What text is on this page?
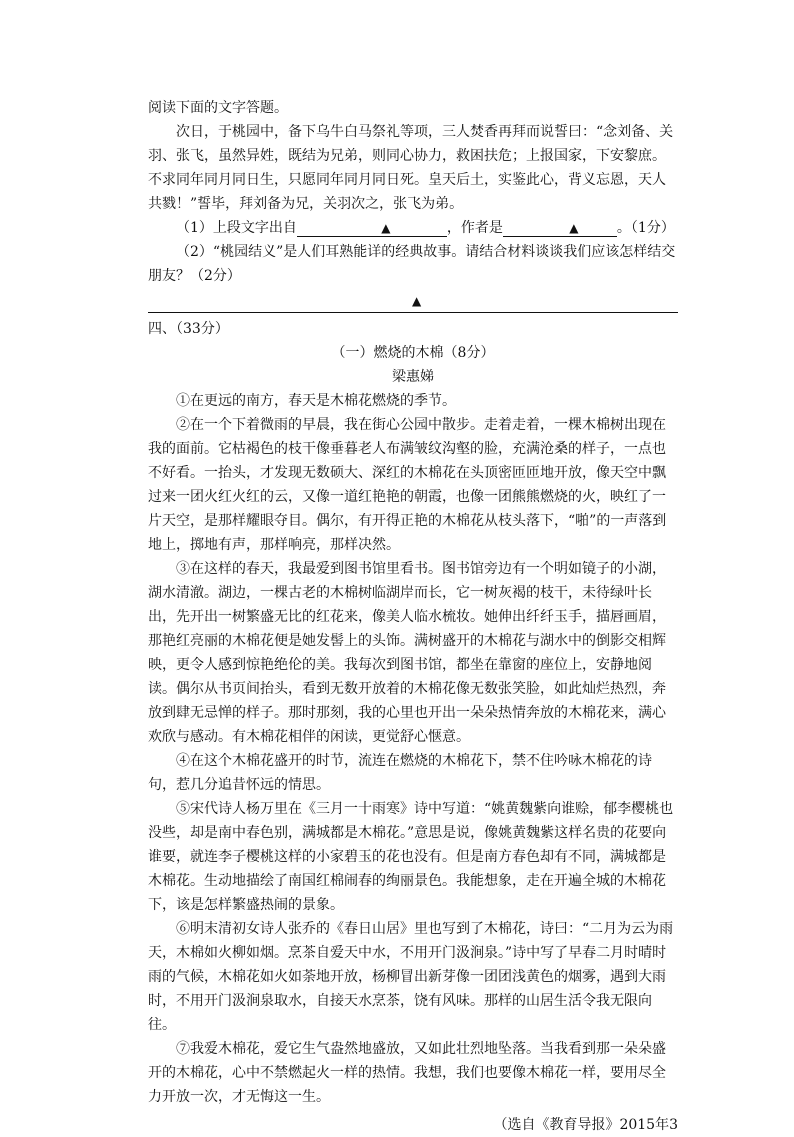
阅读下面的文字答题。

次日，于桃园中，备下乌牛白马祭礼等项，三人焚香再拜而说誓曰：“念刘备、关羽、张飞，虽然异姓，既结为兄弟，则同心协力，救困扶危；上报国家，下安黎庶。不求同年同月同日生，只愿同年同月同日死。皇天后土，实鉴此心，背义忘恩，天人共戮！”誓毕，拜刘备为兄，关羽次之，张飞为弟。

（1）上段文字出自	▲	，作者是	▲	。（1分）

（2）“桃园结义”是人们耳熟能详的经典故事。请结合材料谈谈我们应该怎样结交朋友？（2分）

▲

四、（33分）

（一）燃烧的木棉（8分）

梁惠娣

①在更远的南方，春天是木棉花燃烧的季节。

②在一个下着微雨的早晨，我在街心公园中散步。走着走着，一棵木棉树出现在我的面前。它枯褐色的枝干像垂暮老人布满皱纹沟壑的脸，充满沧桑的样子，一点也不好看。一抬头，才发现无数硕大、深红的木棉花在头顶密匝匝地开放，像天空中飘过来一团火红火红的云，又像一道红艳艳的朝霞，也像一团熊熊燃烧的火，映红了一片天空，是那样耀眼夺目。偶尔，有开得正艳的木棉花从枝头落下，“啪”的一声落到地上，掷地有声，那样响亮，那样决然。

③在这样的春天，我最爱到图书馆里看书。图书馆旁边有一个明如镜子的小湖，湖水清澈。湖边，一棵古老的木棉树临湖岸而长，它一树灰褐的枝干，未待绿叶长出，先开出一树繁盛无比的红花来，像美人临水梳妆。她伸出纤纤玉手，描唇画眉，那艳红亮丽的木棉花便是她发髻上的头饰。满树盛开的木棉花与湖水中的倒影交相辉映，更令人感到惊艳绝伦的美。我每次到图书馆，都坐在靠窗的座位上，安静地阅读。偶尔从书页间抬头，看到无数开放着的木棉花像无数张笑脸，如此灿烂热烈，奔放到肆无忌惮的样子。那时那刻，我的心里也开出一朵朵热情奔放的木棉花来，满心欢欣与感动。有木棉花相伴的闲读，更觉舒心惬意。

④在这个木棉花盛开的时节，流连在燃烧的木棉花下，禁不住吟咏木棉花的诗句，惹几分追昔怀远的情思。

⑤宋代诗人杨万里在《三月一十雨寒》诗中写道：“姚黄魏紫向谁赊，郁李樱桃也没些，却是南中春色别，满城都是木棉花。”意思是说，像姚黄魏紫这样名贵的花要向谁要，就连李子樱桃这样的小家碧玉的花也没有。但是南方春色却有不同，满城都是木棉花。生动地描绘了南国红棉闹春的绚丽景色。我能想象，走在开遍全城的木棉花下，该是怎样繁盛热闹的景象。

⑥明末清初女诗人张乔的《春日山居》里也写到了木棉花，诗曰：“二月为云为雨天，木棉如火柳如烟。烹茶自爱天中水，不用开门汲涧泉。”诗中写了早春二月时晴时雨的气候，木棉花如火如荼地开放，杨柳冒出新芽像一团团浅黄色的烟雾，遇到大雨时，不用开门汲涧泉取水，自接天水烹茶，饶有风味。那样的山居生活令我无限向往。

⑦我爱木棉花，爱它生气盎然地盛放，又如此壮烈地坠落。当我看到那一朵朵盛开的木棉花，心中不禁燃起火一样的热情。我想，我们也要像木棉花一样，要用尽全力开放一次，才无悔这一生。

（选自《教育导报》2015年3
